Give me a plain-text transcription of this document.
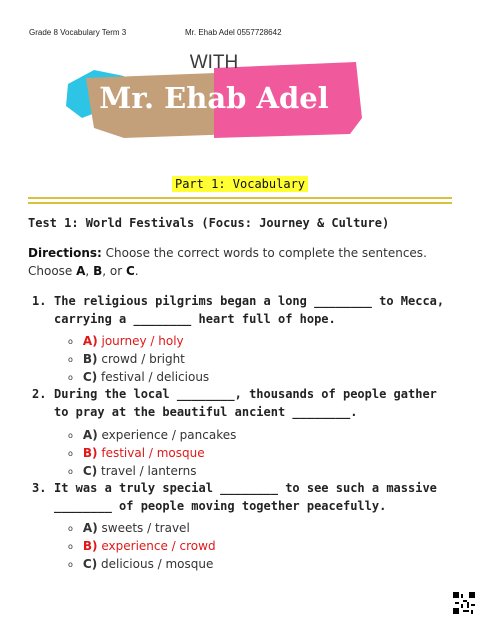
Grade 8 Vocabulary Term 3	Mr. Ehab Adel 0557728642
WITH
Mr. Ehab Adel
Part 1: Vocabulary
Test 1: World Festivals (Focus: Journey & Culture)
Directions: Choose the correct words to complete the sentences. Choose A, B, or C.
1. The religious pilgrims began a long ________ to Mecca, carrying a ________ heart full of hope.
o A) journey / holy
o B) crowd / bright
o C) festival / delicious
2. During the local ________, thousands of people gather to pray at the beautiful ancient ________.
o A) experience / pancakes
o B) festival / mosque
o C) travel / lanterns
3. It was a truly special ________ to see such a massive ________ of people moving together peacefully.
o A) sweets / travel
o B) experience / crowd
o C) delicious / mosque
